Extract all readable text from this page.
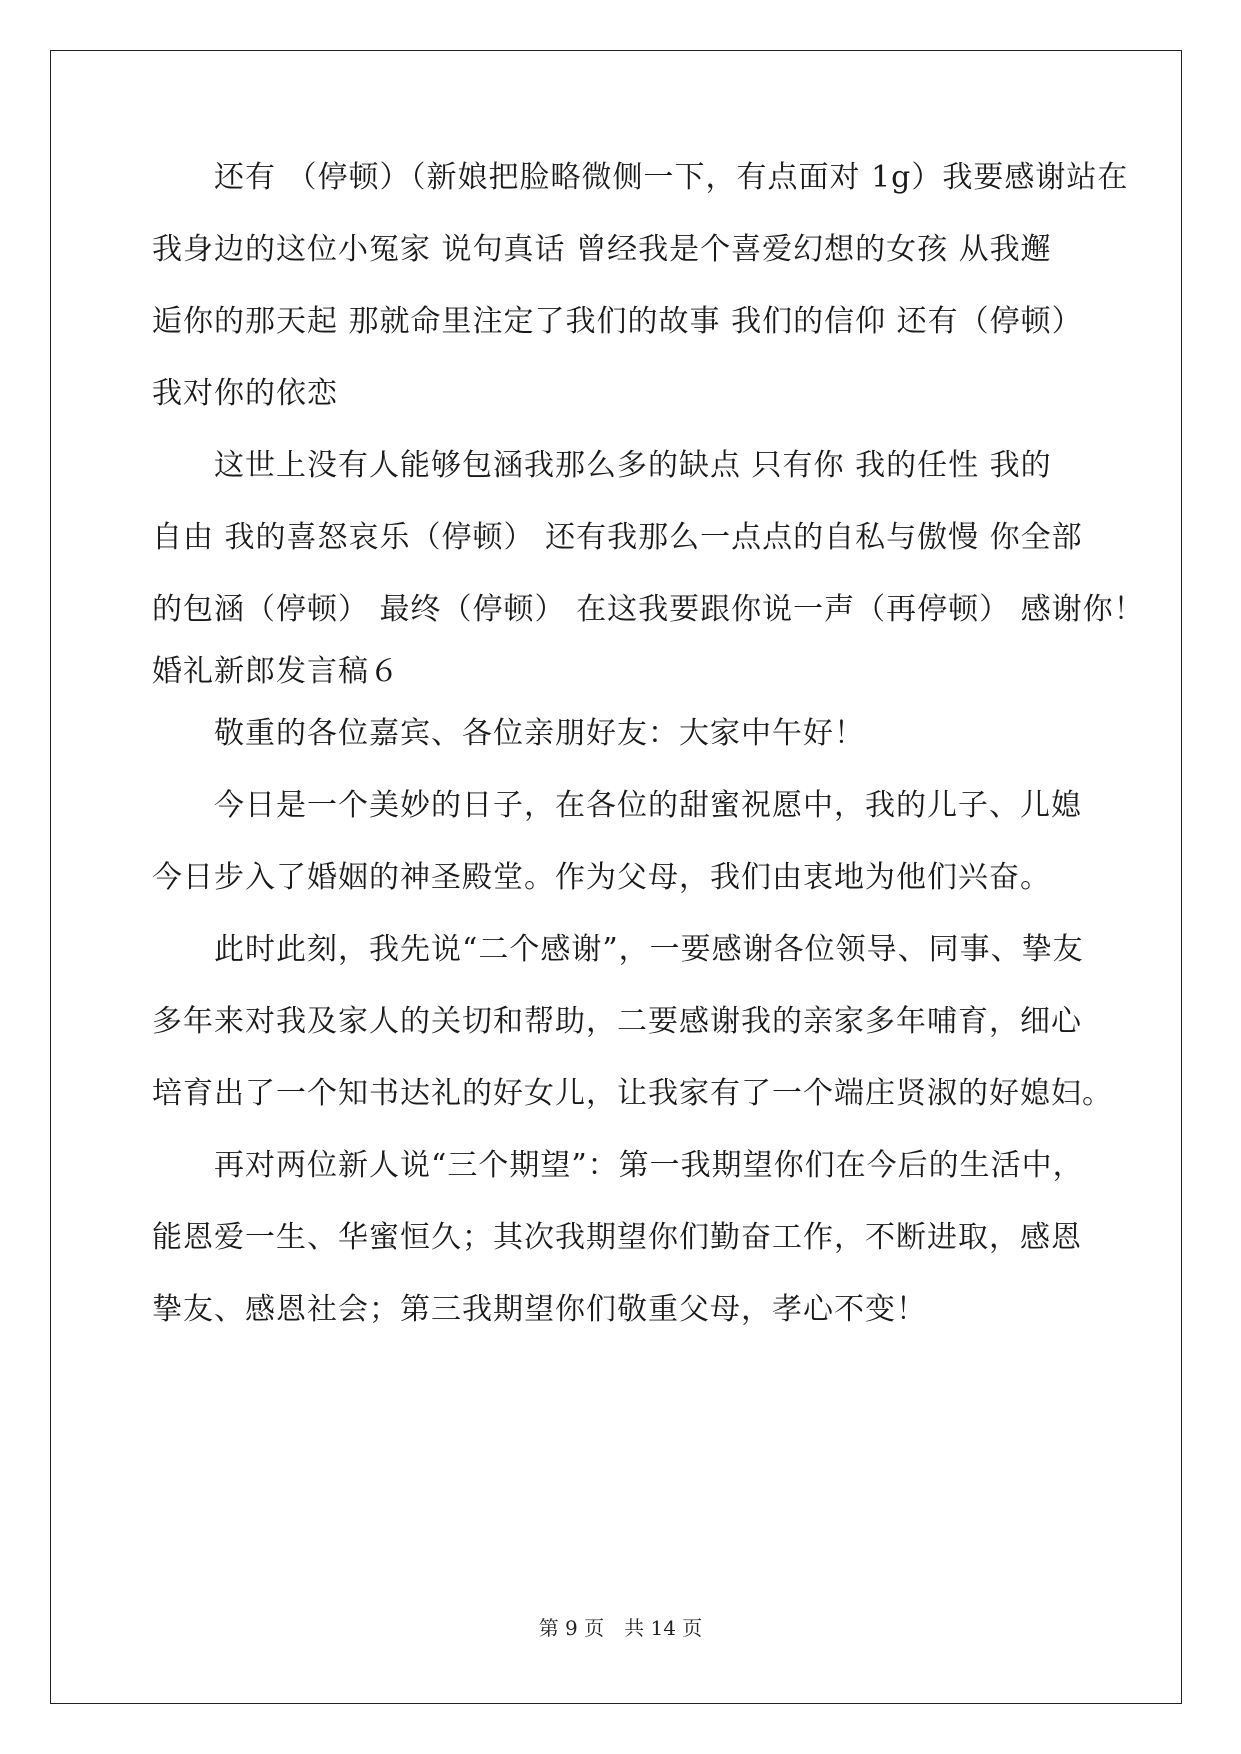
　　还有 （停顿）（新娘把脸略微侧一下，有点面对 1g）我要感谢站在
我身边的这位小冤家 说句真话 曾经我是个喜爱幻想的女孩 从我邂
逅你的那天起 那就命里注定了我们的故事 我们的信仰 还有（停顿）
我对你的依恋
　　这世上没有人能够包涵我那么多的缺点 只有你 我的任性 我的
自由 我的喜怒哀乐（停顿） 还有我那么一点点的自私与傲慢 你全部
的包涵（停顿） 最终（停顿） 在这我要跟你说一声（再停顿） 感谢你！
婚礼新郎发言稿６
　　敬重的各位嘉宾、各位亲朋好友：大家中午好！
　　今日是一个美妙的日子，在各位的甜蜜祝愿中，我的儿子、儿媳
今日步入了婚姻的神圣殿堂。作为父母，我们由衷地为他们兴奋。
　　此时此刻，我先说“二个感谢”，一要感谢各位领导、同事、挚友
多年来对我及家人的关切和帮助，二要感谢我的亲家多年哺育，细心
培育出了一个知书达礼的好女儿，让我家有了一个端庄贤淑的好媳妇。
　　再对两位新人说“三个期望”：第一我期望你们在今后的生活中，
能恩爱一生、华蜜恒久；其次我期望你们勤奋工作，不断进取，感恩
挚友、感恩社会；第三我期望你们敬重父母，孝心不变！
第 9 页　共 14 页
